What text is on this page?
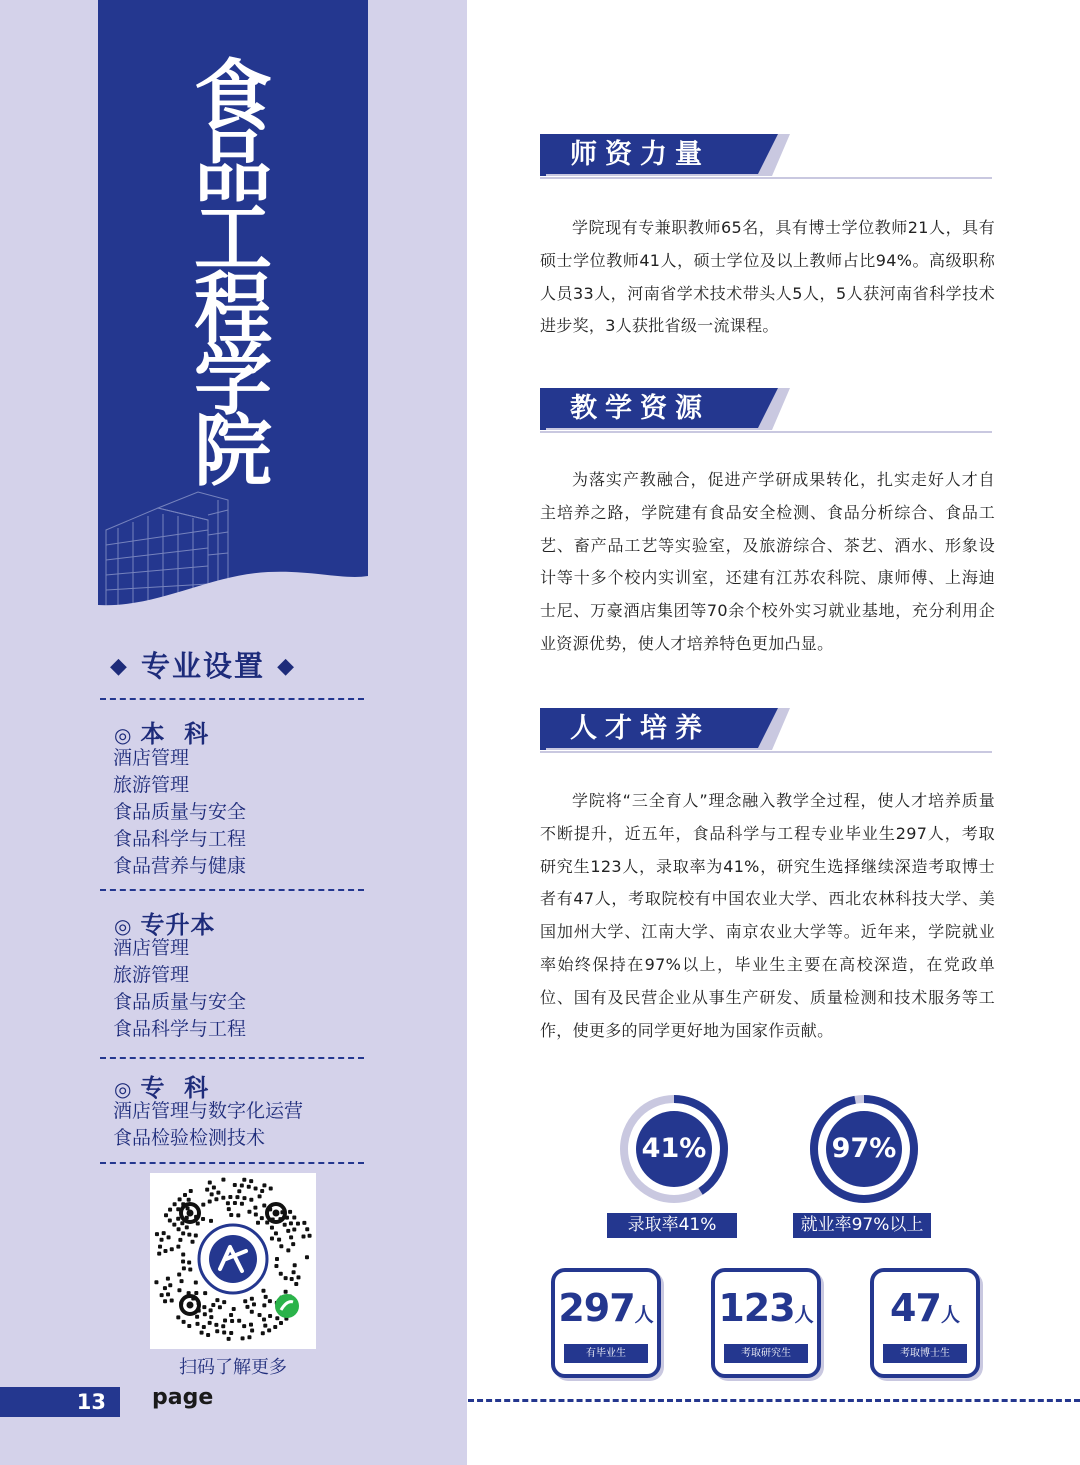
食
品
工
程
学
院
◆ 专业设置 ◆
◎ 本  科
酒店管理
旅游管理
食品质量与安全
食品科学与工程
食品营养与健康
◎ 专升本
酒店管理
旅游管理
食品质量与安全
食品科学与工程
◎ 专  科
酒店管理与数字化运营
食品检验检测技术
扫码了解更多
13	page
师资力量

学院现有专兼职教师65名，具有博士学位教师21人，具有硕士学位教师41人，硕士学位及以上教师占比94%。高级职称人员33人，河南省学术技术带头人5人，5人获河南省科学技术进步奖，3人获批省级一流课程。

教学资源

为落实产教融合，促进产学研成果转化，扎实走好人才自主培养之路，学院建有食品安全检测、食品分析综合、食品工艺、畜产品工艺等实验室，及旅游综合、茶艺、酒水、形象设计等十多个校内实训室，还建有江苏农科院、康师傅、上海迪士尼、万豪酒店集团等70余个校外实习就业基地，充分利用企业资源优势，使人才培养特色更加凸显。

人才培养

学院将“三全育人”理念融入教学全过程，使人才培养质量不断提升，近五年，食品科学与工程专业毕业生297人，考取研究生123人，录取率为41%，研究生选择继续深造考取博士者有47人，考取院校有中国农业大学、西北农林科技大学、美国加州大学、江南大学、南京农业大学等。近年来，学院就业率始终保持在97%以上，毕业生主要在高校深造，在党政单位、国有及民营企业从事生产研发、质量检测和技术服务等工作，使更多的同学更好地为国家作贡献。

41%
录取率41%
97%
就业率97%以上
297人
有毕业生
123人
考取研究生
47人
考取博士生
